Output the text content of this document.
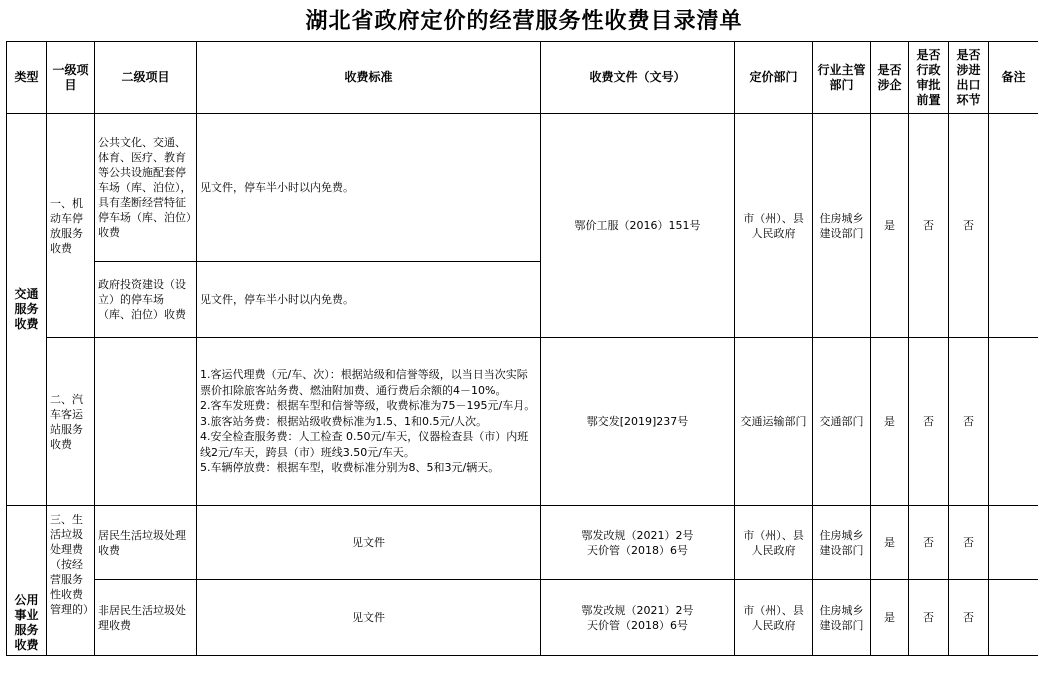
湖北省政府定价的经营服务性收费目录清单
类型	一级项目	二级项目	收费标准	收费文件（文号）	定价部门	行业主管部门	是否涉企	是否行政审批前置	是否涉进出口环节	备注
交通服务收费	一、机动车停放服务收费	公共文化、交通、体育、医疗、教育等公共设施配套停车场（库、泊位），具有垄断经营特征停车场（库、泊位）收费	见文件，停车半小时以内免费。	鄂价工服（2016）151号	市（州）、县人民政府	住房城乡建设部门	是	否	否	
		政府投资建设（设立）的停车场（库、泊位）收费	见文件，停车半小时以内免费。							
	二、汽车客运站服务收费		1.客运代理费（元/车、次）：根据站级和信誉等级，以当日当次实际票价扣除旅客站务费、燃油附加费、通行费后余额的4－10%。
2.客车发班费：根据车型和信誉等级，收费标准为75－195元/车月。
3.旅客站务费：根据站级收费标准为1.5、1和0.5元/人次。
4.安全检查服务费：人工检查 0.50元/车天，仪器检查县（市）内班线2元/车天，跨县（市）班线3.50元/车天。
5.车辆停放费：根据车型，收费标准分别为8、5和3元/辆天。	鄂交发[2019]237号	交通运输部门	交通部门	是	否	否	
公用事业服务收费	三、生活垃圾处理费（按经营服务性收费管理的）	居民生活垃圾处理收费	见文件	鄂发改规（2021）2号
天价管（2018）6号	市（州）、县人民政府	住房城乡建设部门	是	否	否	
		非居民生活垃圾处理收费	见文件	鄂发改规（2021）2号
天价管（2018）6号	市（州）、县人民政府	住房城乡建设部门	是	否	否	
